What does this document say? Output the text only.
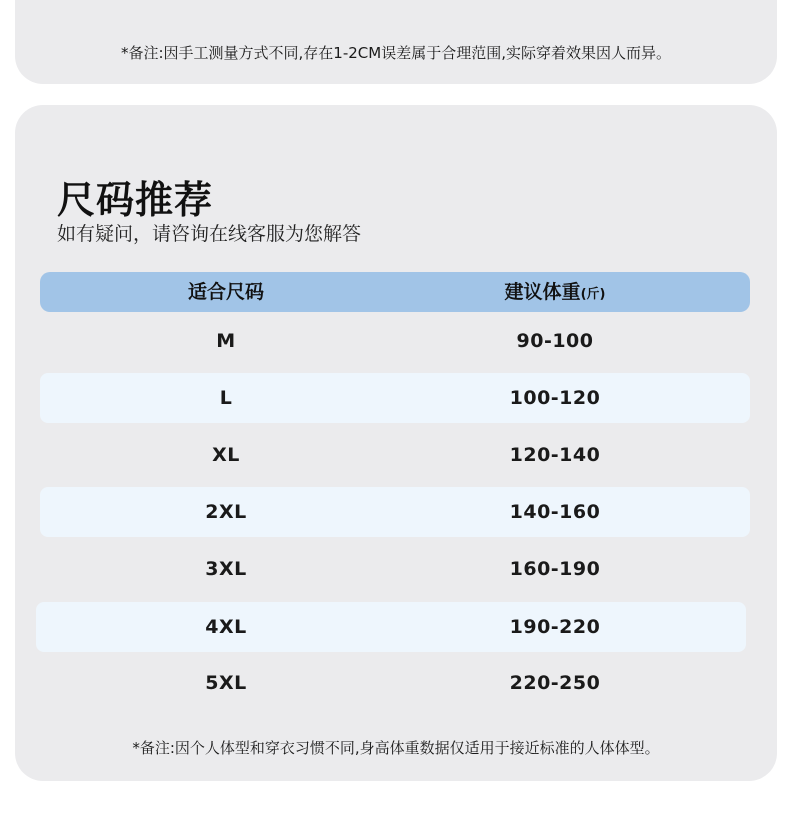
*备注:因手工测量方式不同,存在1-2CM误差属于合理范围,实际穿着效果因人而异。
尺码推荐
如有疑问，请咨询在线客服为您解答
适合尺码	建议体重(斤)
M	90-100
L	100-120
XL	120-140
2XL	140-160
3XL	160-190
4XL	190-220
5XL	220-250
*备注:因个人体型和穿衣习惯不同,身高体重数据仅适用于接近标准的人体体型。
